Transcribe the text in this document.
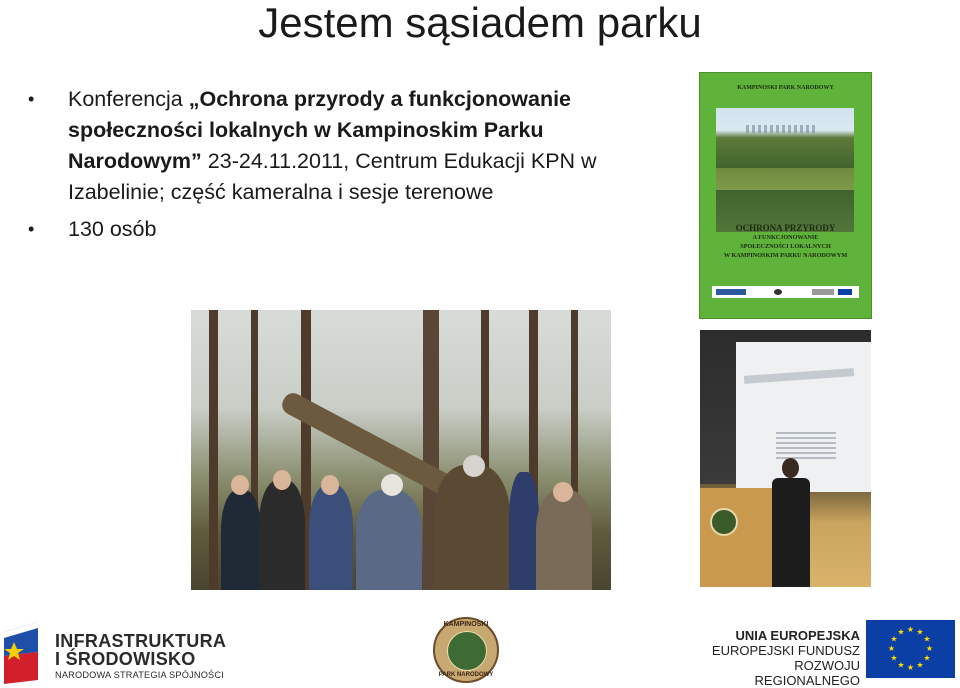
Jestem sąsiadem parku
• Konferencja „Ochrona przyrody a funkcjonowanie społeczności lokalnych w Kampinoskim Parku Narodowym” 23-24.11.2011, Centrum Edukacji KPN w Izabelinie; część kameralna i sesje terenowe
• 130 osób
KAMPINOSKI PARK NARODOWY
OCHRONA PRZYRODY
A FUNKCJONOWANIE
SPOŁECZNOŚCI LOKALNYCH
W KAMPINOSKIM PARKU NARODOWYM
INFRASTRUKTURA
I ŚRODOWISKO
NARODOWA STRATEGIA SPÓJNOŚCI
KAMPINOSKI
PARK NARODOWY
UNIA EUROPEJSKA
EUROPEJSKI FUNDUSZ
ROZWOJU REGIONALNEGO
★ ★
★
★
★
★
★
★
★
★
★
★
